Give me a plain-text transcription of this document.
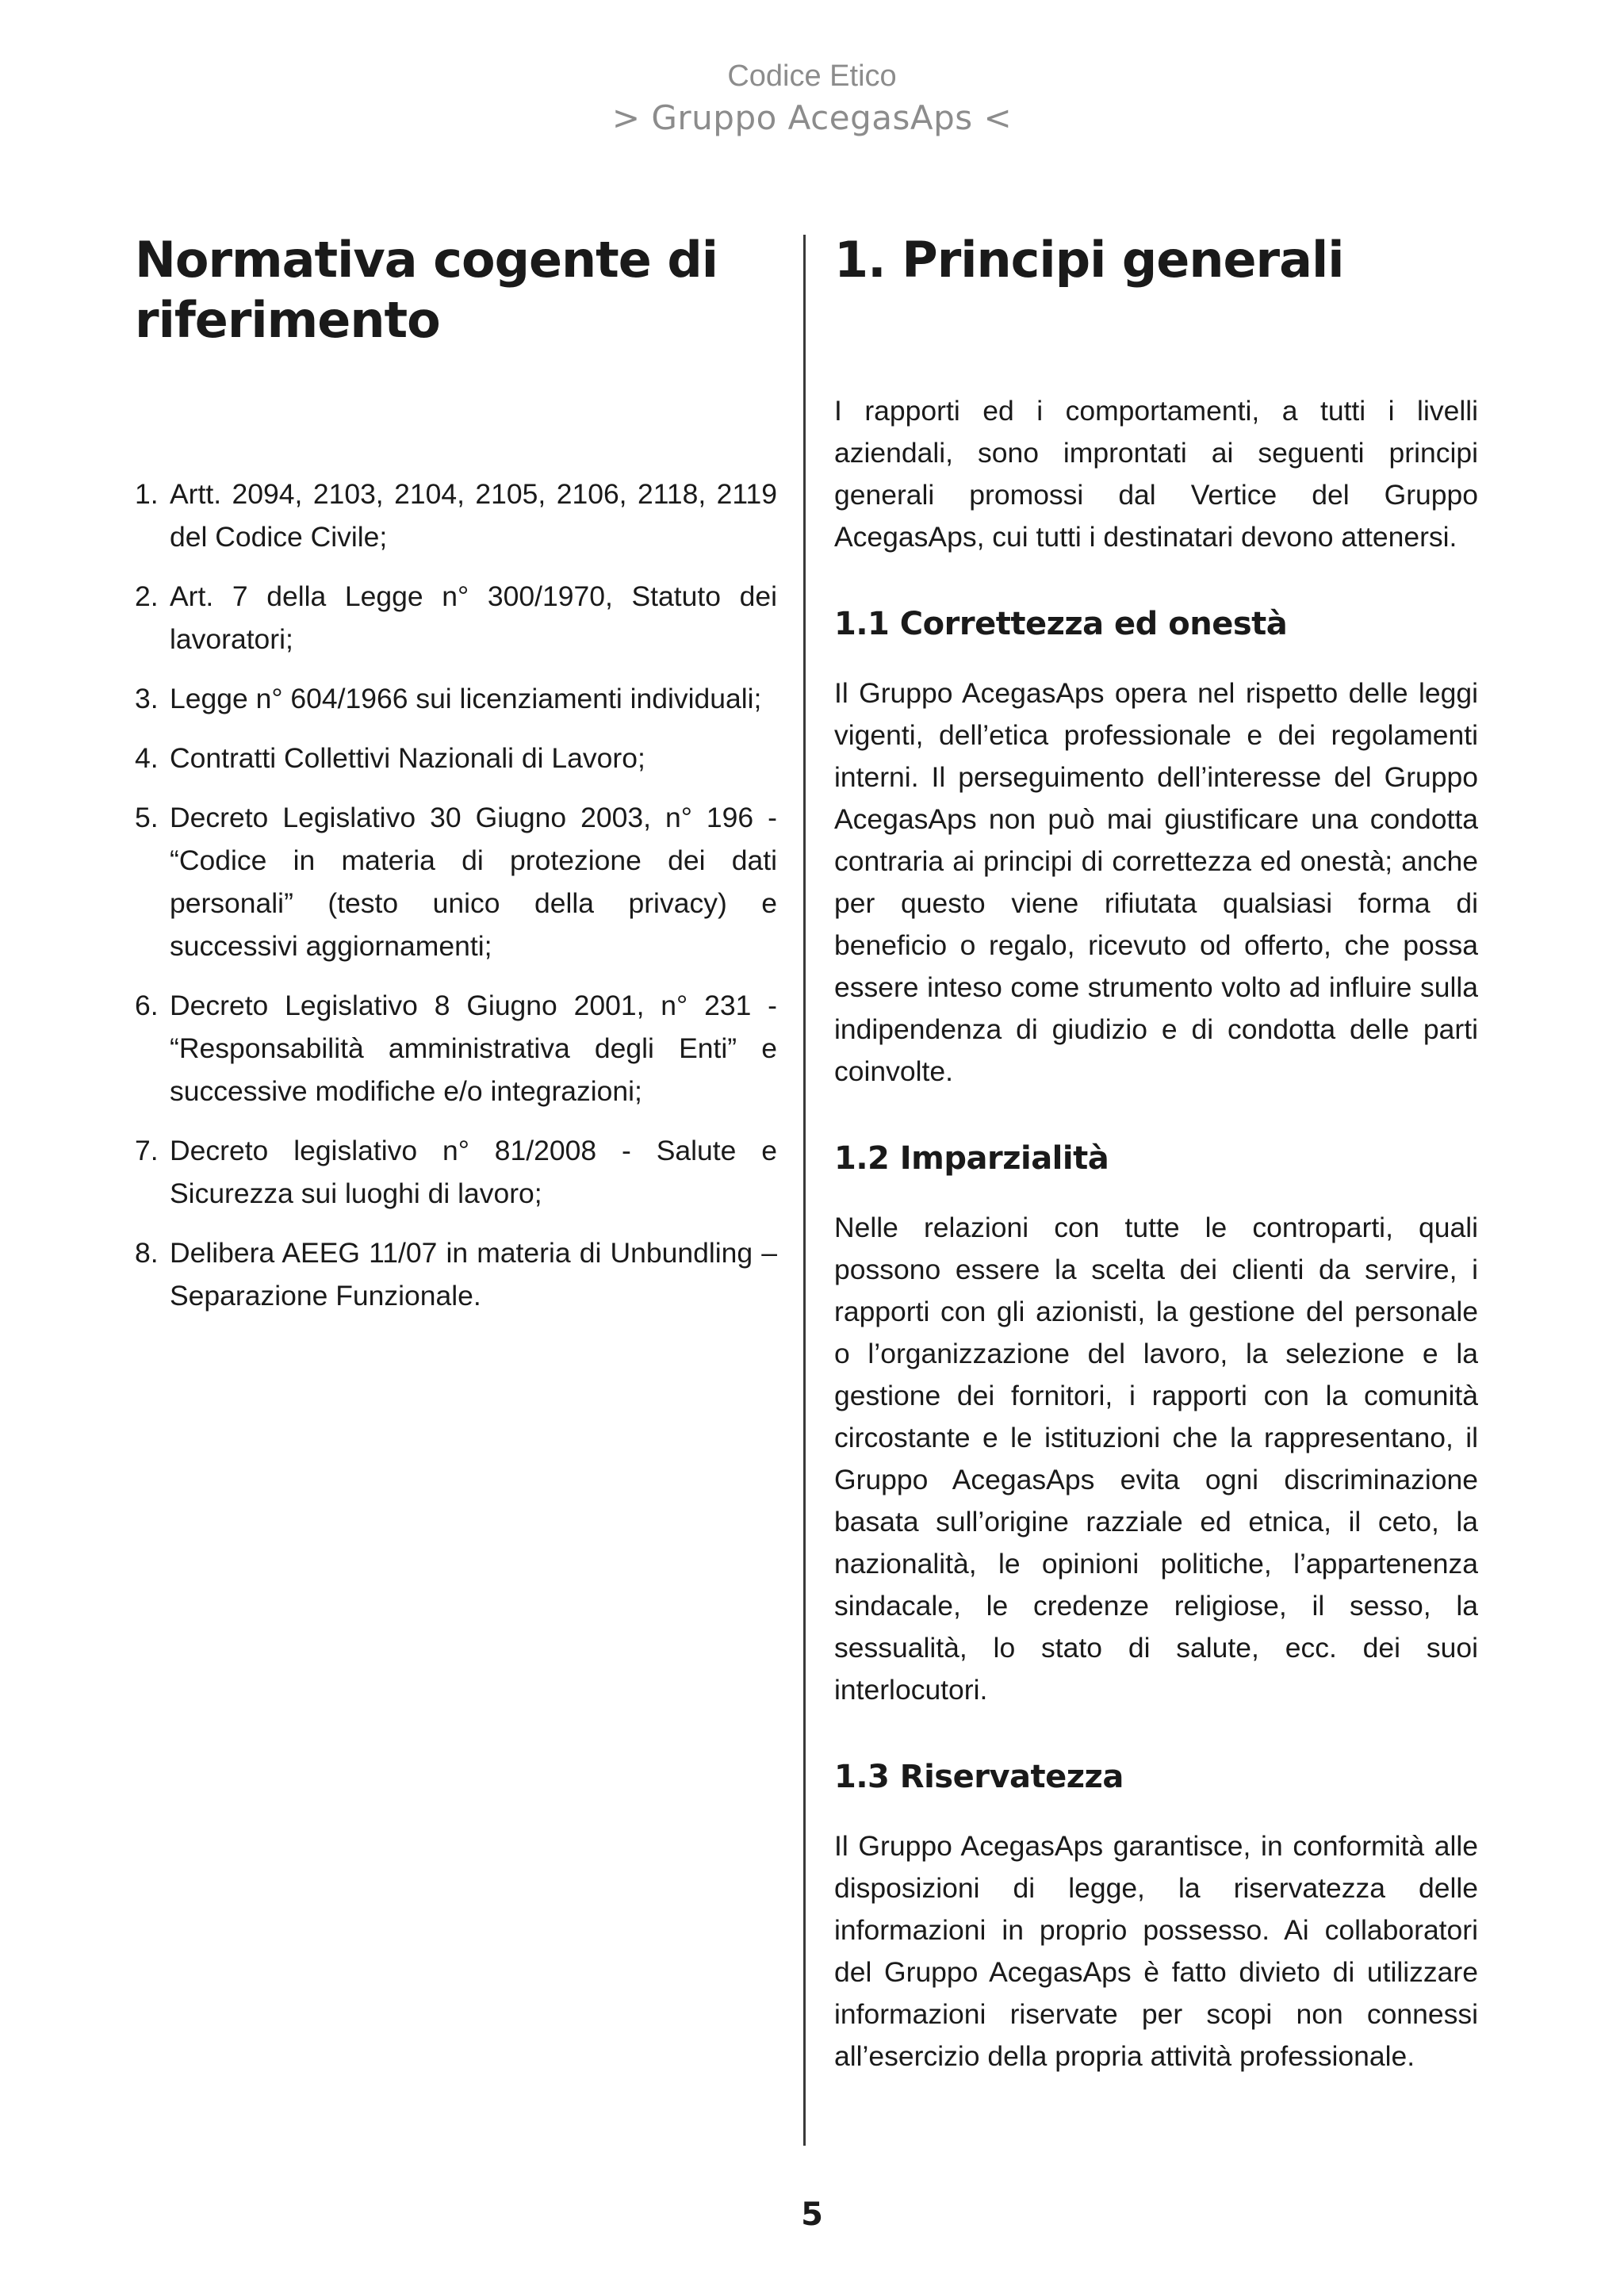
Codice Etico
> Gruppo AcegasAps <
Normativa cogente di riferimento
1. Artt. 2094, 2103, 2104, 2105, 2106, 2118, 2119 del Codice Civile;
2. Art. 7 della Legge n° 300/1970, Statuto dei lavoratori;
3. Legge n° 604/1966 sui licenziamenti individuali;
4. Contratti Collettivi Nazionali di Lavoro;
5. Decreto Legislativo 30 Giugno 2003, n° 196 - “Codice in materia di protezione dei dati personali” (testo unico della privacy) e successivi aggiornamenti;
6. Decreto Legislativo 8 Giugno 2001, n° 231 - “Responsabilità amministrativa degli Enti” e successive modifiche e/o integrazioni;
7. Decreto legislativo n° 81/2008 - Salute e Sicurezza sui luoghi di lavoro;
8. Delibera AEEG 11/07 in materia di Unbundling – Separazione Funzionale.
1. Principi generali

I rapporti ed i comportamenti, a tutti i livelli aziendali, sono improntati ai seguenti principi generali promossi dal Vertice del Gruppo AcegasAps, cui tutti i destinatari devono attenersi.

1.1 Correttezza ed onestà

Il Gruppo AcegasAps opera nel rispetto delle leggi vigenti, dell’etica professionale e dei regolamenti interni. Il perseguimento dell’interesse del Gruppo AcegasAps non può mai giustificare una condotta contraria ai principi di correttezza ed onestà; anche per questo viene rifiutata qualsiasi forma di beneficio o regalo, ricevuto od offerto, che possa essere inteso come strumento volto ad influire sulla indipendenza di giudizio e di condotta delle parti coinvolte.

1.2 Imparzialità

Nelle relazioni con tutte le controparti, quali possono essere la scelta dei clienti da servire, i rapporti con gli azionisti, la gestione del personale o l’organizzazione del lavoro, la selezione e la gestione dei fornitori, i rapporti con la comunità circostante e le istituzioni che la rappresentano, il Gruppo AcegasAps evita ogni discriminazione basata sull’origine razziale ed etnica, il ceto, la nazionalità, le opinioni politiche, l’appartenenza sindacale, le credenze religiose, il sesso, la sessualità, lo stato di salute, ecc. dei suoi interlocutori.

1.3 Riservatezza

Il Gruppo AcegasAps garantisce, in conformità alle disposizioni di legge, la riservatezza delle informazioni in proprio possesso. Ai collaboratori del Gruppo AcegasAps è fatto divieto di utilizzare informazioni riservate per scopi non connessi all’esercizio della propria attività professionale.

5
